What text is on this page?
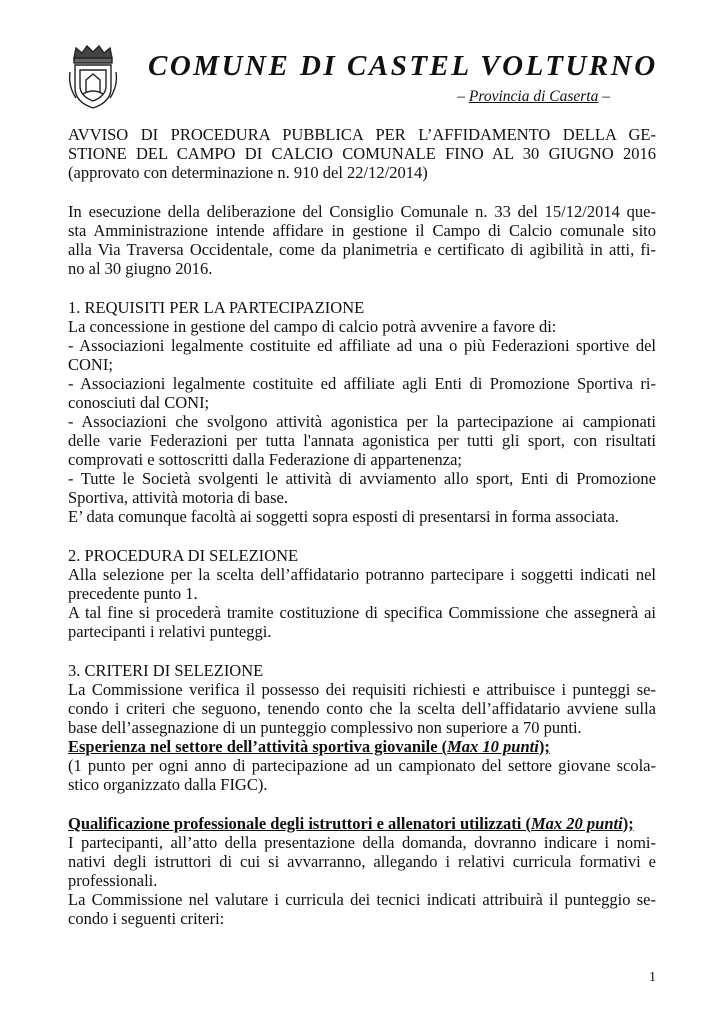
COMUNE DI CASTEL VOLTURNO
– Provincia di Caserta –
AVVISO DI PROCEDURA PUBBLICA PER L’AFFIDAMENTO DELLA GE-
STIONE DEL CAMPO DI CALCIO COMUNALE FINO AL 30 GIUGNO 2016
(approvato con determinazione n. 910 del 22/12/2014)
In esecuzione della deliberazione del Consiglio Comunale n. 33 del 15/12/2014 que-
sta Amministrazione intende affidare in gestione il Campo di Calcio comunale sito
alla Via Traversa Occidentale, come da planimetria e certificato di agibilità in atti, fi-
no al 30 giugno 2016.
1. REQUISITI PER LA PARTECIPAZIONE
La concessione in gestione del campo di calcio potrà avvenire a favore di:
- Associazioni legalmente costituite ed affiliate ad una o più Federazioni sportive del
CONI;
- Associazioni legalmente costituite ed affiliate agli Enti di Promozione Sportiva ri-
conosciuti dal CONI;
- Associazioni che svolgono attività agonistica per la partecipazione ai campionati
delle varie Federazioni per tutta l'annata agonistica per tutti gli sport, con risultati
comprovati e sottoscritti dalla Federazione di appartenenza;
- Tutte le Società svolgenti le attività di avviamento allo sport, Enti di Promozione
Sportiva, attività motoria di base.
E’ data comunque facoltà ai soggetti sopra esposti di presentarsi in forma associata.
2. PROCEDURA DI SELEZIONE
Alla selezione per la scelta dell’affidatario potranno partecipare i soggetti indicati nel
precedente punto 1.
A tal fine si procederà tramite costituzione di specifica Commissione che assegnerà ai
partecipanti i relativi punteggi.
3. CRITERI DI SELEZIONE
La Commissione verifica il possesso dei requisiti richiesti e attribuisce i punteggi se-
condo i criteri che seguono, tenendo conto che la scelta dell’affidatario avviene sulla
base dell’assegnazione di un punteggio complessivo non superiore a 70 punti.
Esperienza nel settore dell’attività sportiva giovanile (Max 10 punti);
(1 punto per ogni anno di partecipazione ad un campionato del settore giovane scola-
stico organizzato dalla FIGC).
Qualificazione professionale degli istruttori e allenatori utilizzati (Max 20 punti);
I partecipanti, all’atto della presentazione della domanda, dovranno indicare i nomi-
nativi degli istruttori di cui si avvarranno, allegando i relativi curricula formativi e
professionali.
La Commissione nel valutare i curricula dei tecnici indicati attribuirà il punteggio se-
condo i seguenti criteri:
1
